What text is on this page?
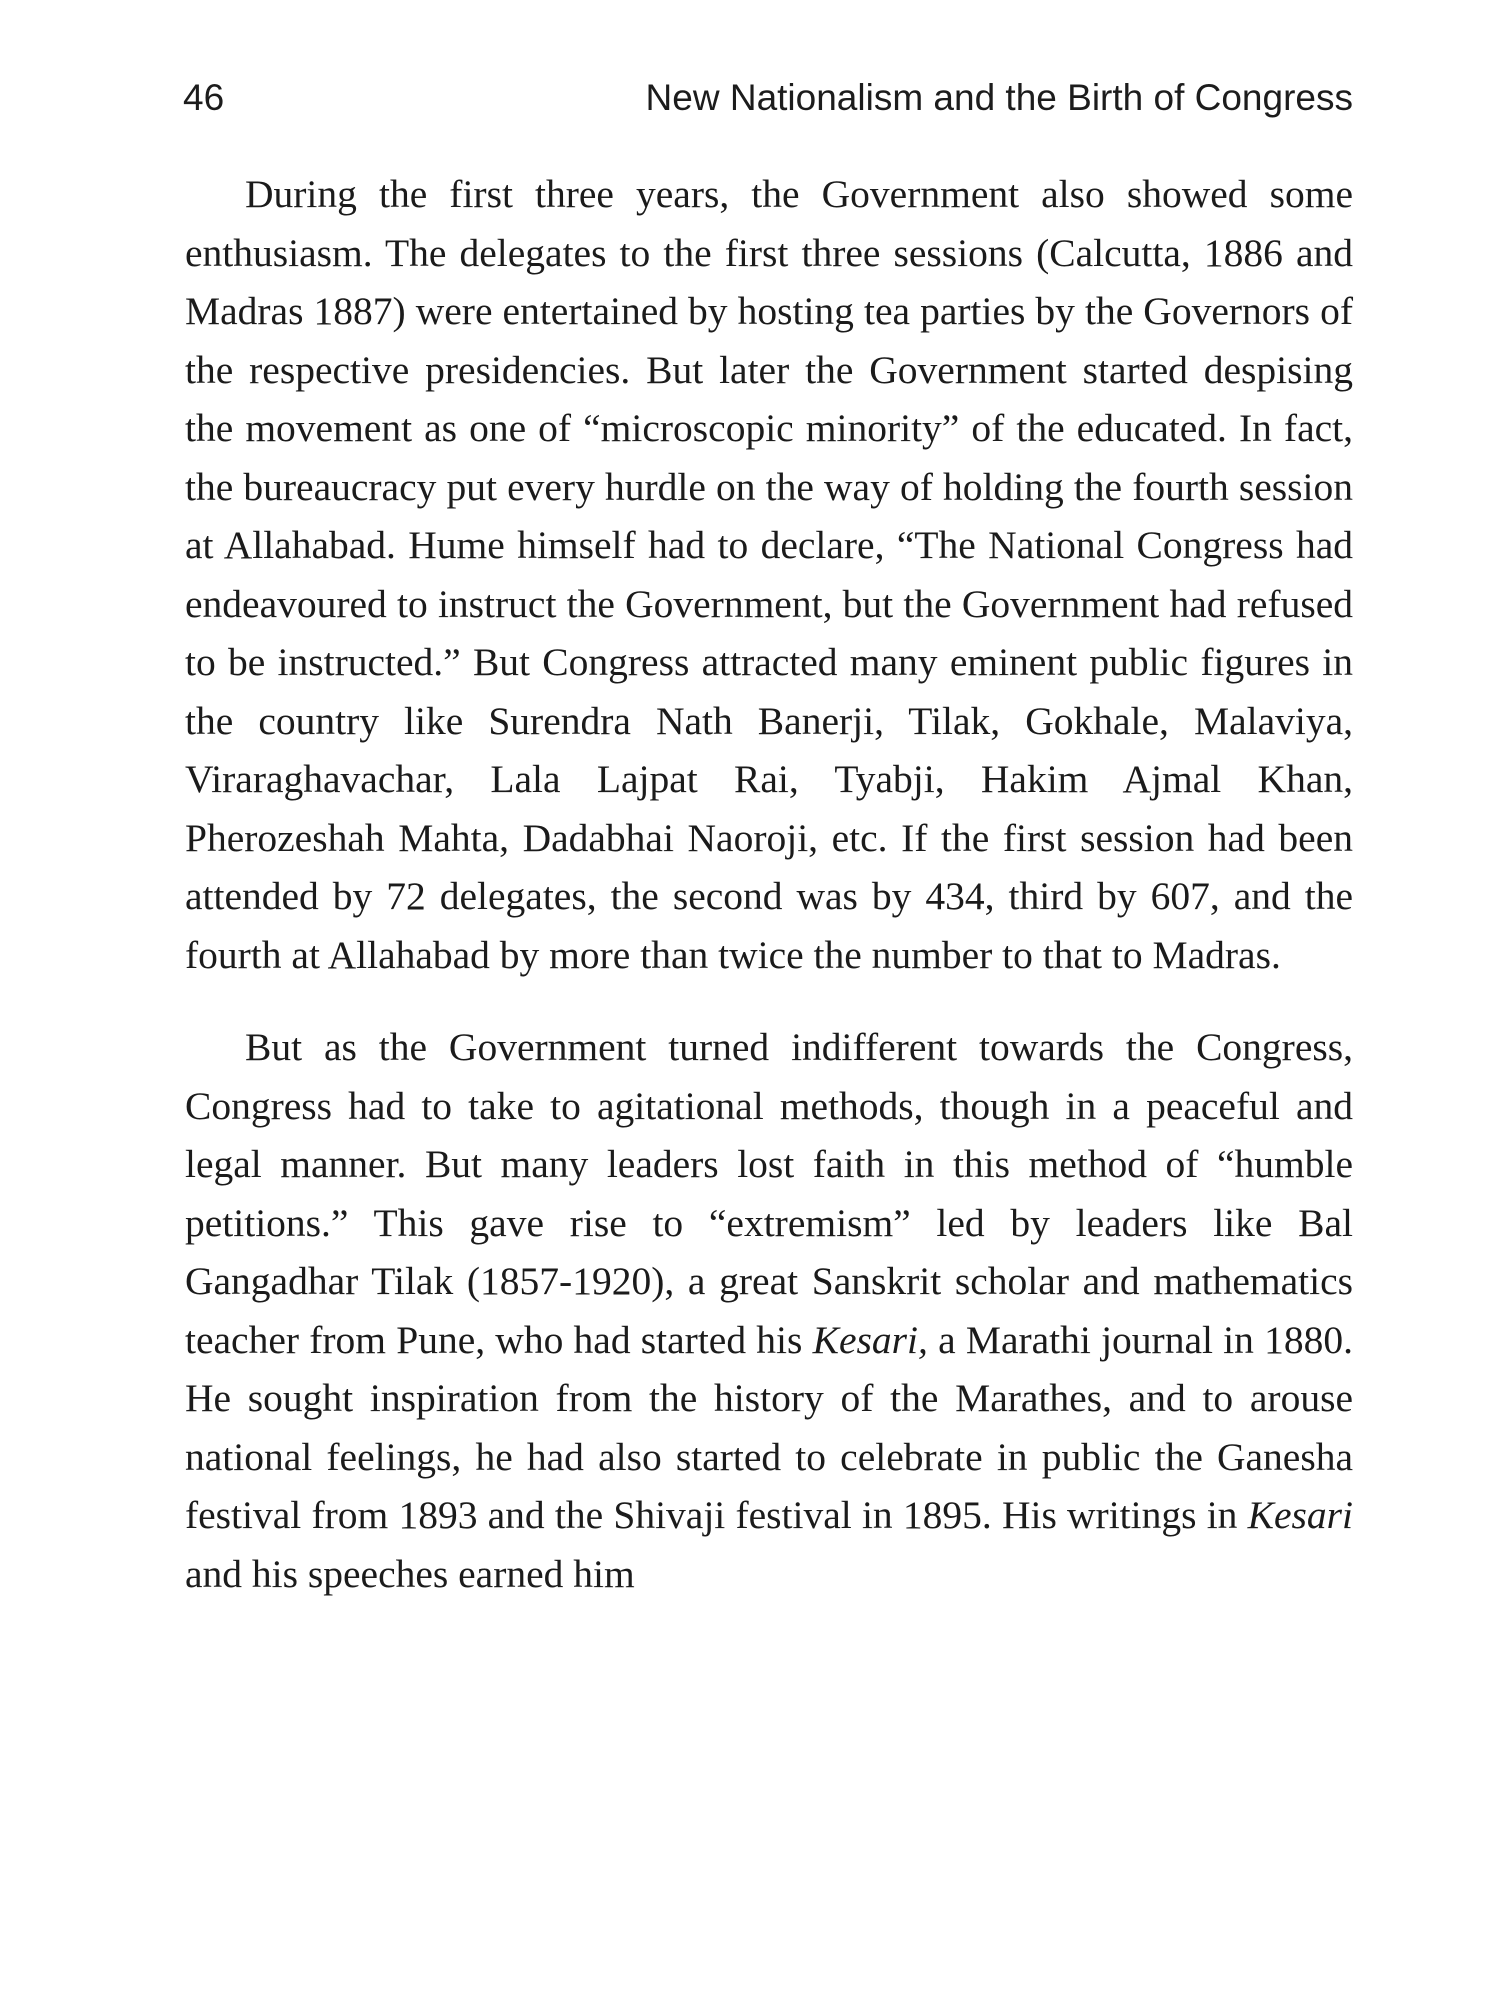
46	New Nationalism and the Birth of Congress

During the first three years, the Government also showed some enthusiasm. The delegates to the first three sessions (Calcutta, 1886 and Madras 1887) were entertained by hosting tea parties by the Governors of the respective presidencies. But later the Government started despising the movement as one of “microscopic minority” of the educated. In fact, the bureaucracy put every hurdle on the way of holding the fourth session at Allahabad. Hume himself had to declare, “The National Congress had endeavoured to instruct the Government, but the Government had refused to be instructed.” But Congress attracted many eminent public figures in the country like Surendra Nath Banerji, Tilak, Gokhale, Malaviya, Viraraghavachar, Lala Lajpat Rai, Tyabji, Hakim Ajmal Khan, Pherozeshah Mahta, Dadabhai Naoroji, etc. If the first session had been attended by 72 delegates, the second was by 434, third by 607, and the fourth at Allahabad by more than twice the number to that to Madras.

But as the Government turned indifferent towards the Congress, Congress had to take to agitational methods, though in a peaceful and legal manner. But many leaders lost faith in this method of “humble petitions.” This gave rise to “extremism” led by leaders like Bal Gangadhar Tilak (1857-1920), a great Sanskrit scholar and mathematics teacher from Pune, who had started his Kesari, a Marathi journal in 1880. He sought inspiration from the history of the Marathes, and to arouse national feelings, he had also started to celebrate in public the Ganesha festival from 1893 and the Shivaji festival in 1895. His writings in Kesari and his speeches earned him
